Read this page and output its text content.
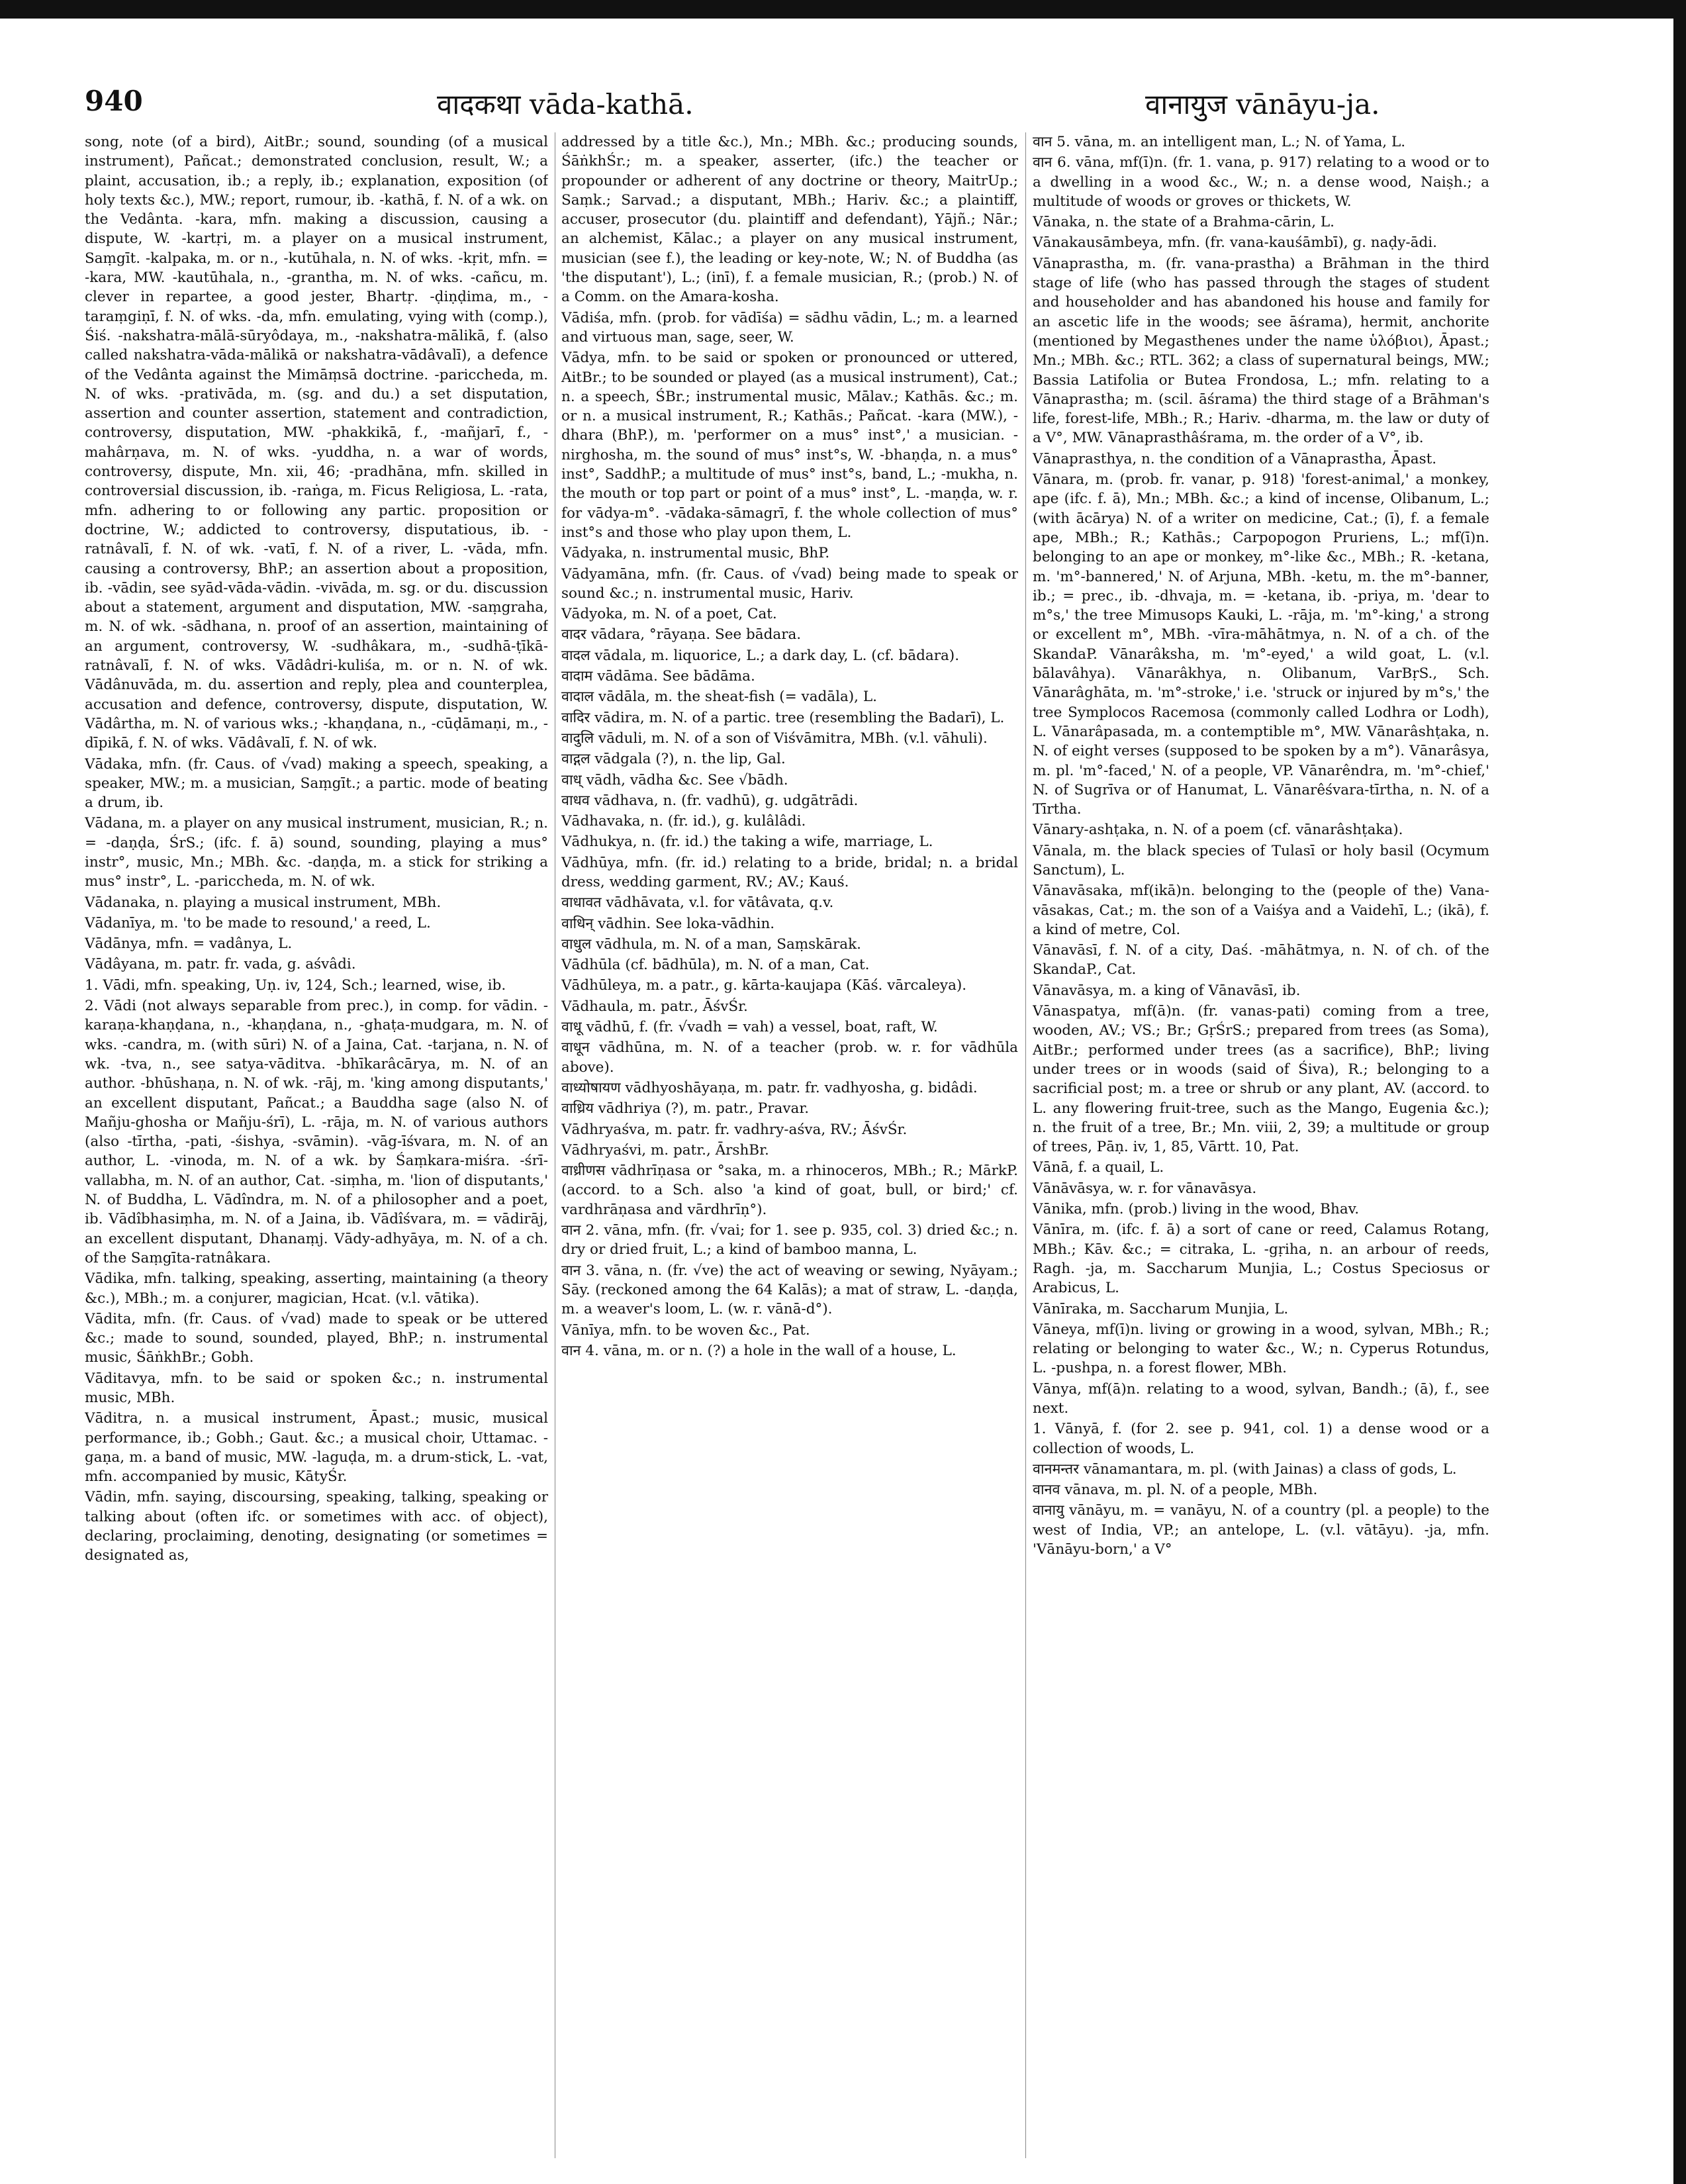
940	वादकथा vāda-kathā.	वानायुज vānāyu-ja.

song, note (of a bird), AitBr.; sound, sounding (of a musical instrument), Pañcat.; demonstrated conclusion, result, W.; a plaint, accusation, ib.; a reply, ib.; explanation, exposition (of holy texts &c.), MW.; report, rumour, ib. -kathā, f. N. of a wk. on the Vedânta. -kara, mfn. making a discussion, causing a dispute, W. -kartṛi, m. a player on a musical instrument, Saṃgīt. -kalpaka, m. or n., -kutūhala, n. N. of wks. -kṛit, mfn. = -kara, MW. -kautūhala, n., -grantha, m. N. of wks. -cañcu, m. clever in repartee, a good jester, Bhartṛ. -ḍiṇḍima, m., -taraṃgiṇī, f. N. of wks. -da, mfn. emulating, vying with (comp.), Śiś. -nakshatra-mālā-sūryôdaya, m., -nakshatra-mālikā, f. (also called nakshatra-vāda-mālikā or nakshatra-vādâvalī), a defence of the Vedânta against the Mimāṃsā doctrine. -pariccheda, m. N. of wks. -prativāda, m. (sg. and du.) a set disputation, assertion and counter assertion, statement and contradiction, controversy, disputation, MW. -phakkikā, f., -mañjarī, f., -mahârṇava, m. N. of wks. -yuddha, n. a war of words, controversy, dispute, Mn. xii, 46; -pradhāna, mfn. skilled in controversial discussion, ib. -raṅga, m. Ficus Religiosa, L. -rata, mfn. adhering to or following any partic. proposition or doctrine, W.; addicted to controversy, disputatious, ib. -ratnâvalī, f. N. of wk. -vatī, f. N. of a river, L. -vāda, mfn. causing a controversy, BhP.; an assertion about a proposition, ib. -vādin, see syād-vāda-vādin. -vivāda, m. sg. or du. discussion about a statement, argument and disputation, MW. -saṃgraha, m. N. of wk. -sādhana, n. proof of an assertion, maintaining of an argument, controversy, W. -sudhâkara, m., -sudhā-ṭīkā-ratnâvalī, f. N. of wks. Vādâdri-kuliśa, m. or n. N. of wk. Vādânuvāda, m. du. assertion and reply, plea and counterplea, accusation and defence, controversy, dispute, disputation, W. Vādârtha, m. N. of various wks.; -khaṇḍana, n., -cūḍāmaṇi, m., -dīpikā, f. N. of wks. Vādâvalī, f. N. of wk.

Vādaka, mfn. (fr. Caus. of √vad) making a speech, speaking, a speaker, MW.; m. a musician, Saṃgīt.; a partic. mode of beating a drum, ib.

Vādana, m. a player on any musical instrument, musician, R.; n. = -daṇḍa, ŚrS.; (ifc. f. ā) sound, sounding, playing a mus° instr°, music, Mn.; MBh. &c. -daṇḍa, m. a stick for striking a mus° instr°, L. -pariccheda, m. N. of wk.

Vādanaka, n. playing a musical instrument, MBh.

Vādanīya, m. 'to be made to resound,' a reed, L.

Vādānya, mfn. = vadânya, L.

Vādâyana, m. patr. fr. vada, g. aśvâdi.

1. Vādi, mfn. speaking, Uṇ. iv, 124, Sch.; learned, wise, ib.

2. Vādi (not always separable from prec.), in comp. for vādin. -karaṇa-khaṇḍana, n., -khaṇḍana, n., -ghaṭa-mudgara, m. N. of wks. -candra, m. (with sūri) N. of a Jaina, Cat. -tarjana, n. N. of wk. -tva, n., see satya-vāditva. -bhīkarâcārya, m. N. of an author. -bhūshaṇa, n. N. of wk. -rāj, m. 'king among disputants,' an excellent disputant, Pañcat.; a Bauddha sage (also N. of Mañju-ghosha or Mañju-śrī), L. -rāja, m. N. of various authors (also -tīrtha, -pati, -śishya, -svāmin). -vāg-īśvara, m. N. of an author, L. -vinoda, m. N. of a wk. by Śaṃkara-miśra. -śrī-vallabha, m. N. of an author, Cat. -siṃha, m. 'lion of disputants,' N. of Buddha, L. Vādîndra, m. N. of a philosopher and a poet, ib. Vādîbhasiṃha, m. N. of a Jaina, ib. Vādîśvara, m. = vādirāj, an excellent disputant, Dhanaṃj. Vādy-adhyāya, m. N. of a ch. of the Saṃgīta-ratnâkara.

Vādika, mfn. talking, speaking, asserting, maintaining (a theory &c.), MBh.; m. a conjurer, magician, Hcat. (v.l. vātika).

Vādita, mfn. (fr. Caus. of √vad) made to speak or be uttered &c.; made to sound, sounded, played, BhP.; n. instrumental music, ŚāṅkhBr.; Gobh.

Vāditavya, mfn. to be said or spoken &c.; n. instrumental music, MBh.

Vāditra, n. a musical instrument, Āpast.; music, musical performance, ib.; Gobh.; Gaut. &c.; a musical choir, Uttamac. -gaṇa, m. a band of music, MW. -laguḍa, m. a drum-stick, L. -vat, mfn. accompanied by music, KātyŚr.

Vādin, mfn. saying, discoursing, speaking, talking, speaking or talking about (often ifc. or sometimes with acc. of object), declaring, proclaiming, denoting, designating (or sometimes = designated as,

addressed by a title &c.), Mn.; MBh. &c.; producing sounds, ŚāṅkhŚr.; m. a speaker, asserter, (ifc.) the teacher or propounder or adherent of any doctrine or theory, MaitrUp.; Saṃk.; Sarvad.; a disputant, MBh.; Hariv. &c.; a plaintiff, accuser, prosecutor (du. plaintiff and defendant), Yājñ.; Nār.; an alchemist, Kālac.; a player on any musical instrument, musician (see f.), the leading or key-note, W.; N. of Buddha (as 'the disputant'), L.; (inī), f. a female musician, R.; (prob.) N. of a Comm. on the Amara-kosha.

Vādiśa, mfn. (prob. for vādīśa) = sādhu vādin, L.; m. a learned and virtuous man, sage, seer, W.

Vādya, mfn. to be said or spoken or pronounced or uttered, AitBr.; to be sounded or played (as a musical instrument), Cat.; n. a speech, ŚBr.; instrumental music, Mālav.; Kathās. &c.; m. or n. a musical instrument, R.; Kathās.; Pañcat. -kara (MW.), -dhara (BhP.), m. 'performer on a mus° inst°,' a musician. -nirghosha, m. the sound of mus° inst°s, W. -bhaṇḍa, n. a mus° inst°, SaddhP.; a multitude of mus° inst°s, band, L.; -mukha, n. the mouth or top part or point of a mus° inst°, L. -maṇḍa, w. r. for vādya-m°. -vādaka-sāmagrī, f. the whole collection of mus° inst°s and those who play upon them, L.

Vādyaka, n. instrumental music, BhP.

Vādyamāna, mfn. (fr. Caus. of √vad) being made to speak or sound &c.; n. instrumental music, Hariv.

Vādyoka, m. N. of a poet, Cat.

वादर vādara, °rāyaṇa. See bādara.

वादल vādala, m. liquorice, L.; a dark day, L. (cf. bādara).

वादाम vādāma. See bādāma.

वादाल vādāla, m. the sheat-fish (= vadāla), L.

वादिर vādira, m. N. of a partic. tree (resembling the Badarī), L.

वादुलि vāduli, m. N. of a son of Viśvāmitra, MBh. (v.l. vāhuli).

वाद्गल vādgala (?), n. the lip, Gal.

वाध् vādh, vādha &c. See √bādh.

वाधव vādhava, n. (fr. vadhū), g. udgātrādi.

Vādhavaka, n. (fr. id.), g. kulâlâdi.

Vādhukya, n. (fr. id.) the taking a wife, marriage, L.

Vādhūya, mfn. (fr. id.) relating to a bride, bridal; n. a bridal dress, wedding garment, RV.; AV.; Kauś.

वाधावत vādhāvata, v.l. for vātâvata, q.v.

वाधिन् vādhin. See loka-vādhin.

वाधुल vādhula, m. N. of a man, Saṃskārak.

Vādhūla (cf. bādhūla), m. N. of a man, Cat.

Vādhūleya, m. a patr., g. kārta-kaujapa (Kāś. vārcaleya).

Vādhaula, m. patr., ĀśvŚr.

वाधू vādhū, f. (fr. √vadh = vah) a vessel, boat, raft, W.

वाधून vādhūna, m. N. of a teacher (prob. w. r. for vādhūla above).

वाध्योषायण vādhyoshāyaṇa, m. patr. fr. vadhyosha, g. bidâdi.

वाध्रिय vādhriya (?), m. patr., Pravar.

Vādhryaśva, m. patr. fr. vadhry-aśva, RV.; ĀśvŚr.

Vādhryaśvi, m. patr., ĀrshBr.

वाध्रीणस vādhrīṇasa or °saka, m. a rhinoceros, MBh.; R.; MārkP. (accord. to a Sch. also 'a kind of goat, bull, or bird;' cf. vardhrāṇasa and vārdhrīṇ°).

वान 2. vāna, mfn. (fr. √vai; for 1. see p. 935, col. 3) dried &c.; n. dry or dried fruit, L.; a kind of bamboo manna, L.

वान 3. vāna, n. (fr. √ve) the act of weaving or sewing, Nyāyam.; Sāy. (reckoned among the 64 Kalās); a mat of straw, L. -daṇḍa, m. a weaver's loom, L. (w. r. vānā-d°).

Vānīya, mfn. to be woven &c., Pat.

वान 4. vāna, m. or n. (?) a hole in the wall of a house, L.

वान 5. vāna, m. an intelligent man, L.; N. of Yama, L.

वान 6. vāna, mf(ī)n. (fr. 1. vana, p. 917) relating to a wood or to a dwelling in a wood &c., W.; n. a dense wood, Naiṣh.; a multitude of woods or groves or thickets, W.

Vānaka, n. the state of a Brahma-cārin, L.

Vānakausāmbeya, mfn. (fr. vana-kauśāmbī), g. naḍy-ādi.

Vānaprastha, m. (fr. vana-prastha) a Brāhman in the third stage of life (who has passed through the stages of student and householder and has abandoned his house and family for an ascetic life in the woods; see āśrama), hermit, anchorite (mentioned by Megasthenes under the name ὑλόβιοι), Āpast.; Mn.; MBh. &c.; RTL. 362; a class of supernatural beings, MW.; Bassia Latifolia or Butea Frondosa, L.; mfn. relating to a Vānaprastha; m. (scil. āśrama) the third stage of a Brāhman's life, forest-life, MBh.; R.; Hariv. -dharma, m. the law or duty of a V°, MW. Vānaprasthâśrama, m. the order of a V°, ib.

Vānaprasthya, n. the condition of a Vānaprastha, Āpast.

Vānara, m. (prob. fr. vanar, p. 918) 'forest-animal,' a monkey, ape (ifc. f. ā), Mn.; MBh. &c.; a kind of incense, Olibanum, L.; (with ācārya) N. of a writer on medicine, Cat.; (ī), f. a female ape, MBh.; R.; Kathās.; Carpopogon Pruriens, L.; mf(ī)n. belonging to an ape or monkey, m°-like &c., MBh.; R. -ketana, m. 'm°-bannered,' N. of Arjuna, MBh. -ketu, m. the m°-banner, ib.; = prec., ib. -dhvaja, m. = -ketana, ib. -priya, m. 'dear to m°s,' the tree Mimusops Kauki, L. -rāja, m. 'm°-king,' a strong or excellent m°, MBh. -vīra-māhātmya, n. N. of a ch. of the SkandaP. Vānarâksha, m. 'm°-eyed,' a wild goat, L. (v.l. bālavâhya). Vānarâkhya, n. Olibanum, VarBṛS., Sch. Vānarâghāta, m. 'm°-stroke,' i.e. 'struck or injured by m°s,' the tree Symplocos Racemosa (commonly called Lodhra or Lodh), L. Vānarâpasada, m. a contemptible m°, MW. Vānarâshṭaka, n. N. of eight verses (supposed to be spoken by a m°). Vānarâsya, m. pl. 'm°-faced,' N. of a people, VP. Vānarêndra, m. 'm°-chief,' N. of Sugrīva or of Hanumat, L. Vānarêśvara-tīrtha, n. N. of a Tīrtha.

Vānary-ashṭaka, n. N. of a poem (cf. vānarâshṭaka).

Vānala, m. the black species of Tulasī or holy basil (Ocymum Sanctum), L.

Vānavāsaka, mf(ikā)n. belonging to the (people of the) Vana-vāsakas, Cat.; m. the son of a Vaiśya and a Vaidehī, L.; (ikā), f. a kind of metre, Col.

Vānavāsī, f. N. of a city, Daś. -māhātmya, n. N. of ch. of the SkandaP., Cat.

Vānavāsya, m. a king of Vānavāsī, ib.

Vānaspatya, mf(ā)n. (fr. vanas-pati) coming from a tree, wooden, AV.; VS.; Br.; GṛŚrS.; prepared from trees (as Soma), AitBr.; performed under trees (as a sacrifice), BhP.; living under trees or in woods (said of Śiva), R.; belonging to a sacrificial post; m. a tree or shrub or any plant, AV. (accord. to L. any flowering fruit-tree, such as the Mango, Eugenia &c.); n. the fruit of a tree, Br.; Mn. viii, 2, 39; a multitude or group of trees, Pāṇ. iv, 1, 85, Vārtt. 10, Pat.

Vānā, f. a quail, L.

Vānāvāsya, w. r. for vānavāsya.

Vānika, mfn. (prob.) living in the wood, Bhav.

Vānīra, m. (ifc. f. ā) a sort of cane or reed, Calamus Rotang, MBh.; Kāv. &c.; = citraka, L. -gṛiha, n. an arbour of reeds, Ragh. -ja, m. Saccharum Munjia, L.; Costus Speciosus or Arabicus, L.

Vānīraka, m. Saccharum Munjia, L.

Vāneya, mf(ī)n. living or growing in a wood, sylvan, MBh.; R.; relating or belonging to water &c., W.; n. Cyperus Rotundus, L. -pushpa, n. a forest flower, MBh.

Vānya, mf(ā)n. relating to a wood, sylvan, Bandh.; (ā), f., see next.

1. Vānyā, f. (for 2. see p. 941, col. 1) a dense wood or a collection of woods, L.

वानमन्तर vānamantara, m. pl. (with Jainas) a class of gods, L.

वानव vānava, m. pl. N. of a people, MBh.

वानायु vānāyu, m. = vanāyu, N. of a country (pl. a people) to the west of India, VP.; an antelope, L. (v.l. vātāyu). -ja, mfn. 'Vānāyu-born,' a V°
